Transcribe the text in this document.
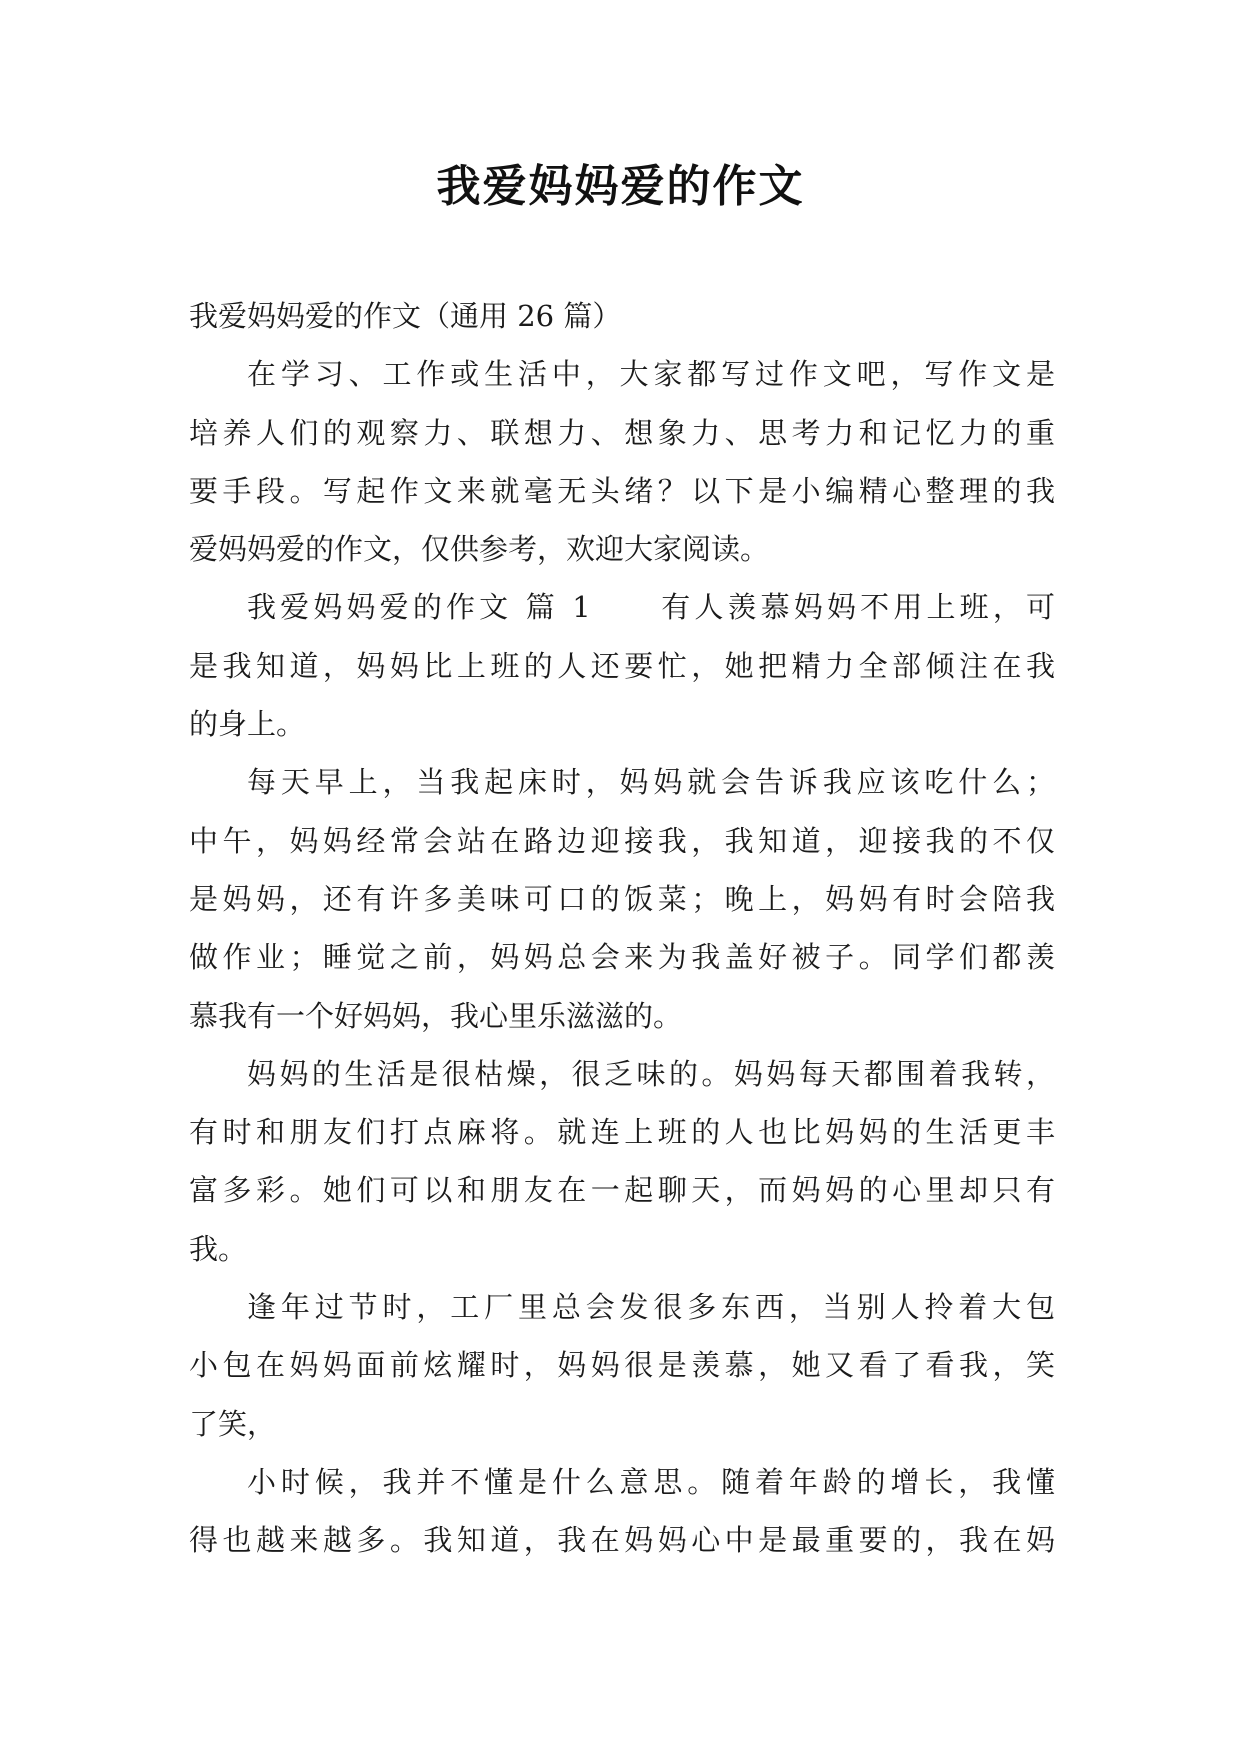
我爱妈妈爱的作文
我爱妈妈爱的作文（通用 26 篇）
在学习、工作或生活中，大家都写过作文吧，写作文是
培养人们的观察力、联想力、想象力、思考力和记忆力的重
要手段。写起作文来就毫无头绪？以下是小编精心整理的我
爱妈妈爱的作文，仅供参考，欢迎大家阅读。
我爱妈妈爱的作文 篇 1　　有人羡慕妈妈不用上班，可
是我知道，妈妈比上班的人还要忙，她把精力全部倾注在我
的身上。
每天早上，当我起床时，妈妈就会告诉我应该吃什么；
中午，妈妈经常会站在路边迎接我，我知道，迎接我的不仅
是妈妈，还有许多美味可口的饭菜；晚上，妈妈有时会陪我
做作业；睡觉之前，妈妈总会来为我盖好被子。同学们都羡
慕我有一个好妈妈，我心里乐滋滋的。
妈妈的生活是很枯燥，很乏味的。妈妈每天都围着我转，
有时和朋友们打点麻将。就连上班的人也比妈妈的生活更丰
富多彩。她们可以和朋友在一起聊天，而妈妈的心里却只有
我。
逢年过节时，工厂里总会发很多东西，当别人拎着大包
小包在妈妈面前炫耀时，妈妈很是羡慕，她又看了看我，笑
了笑，
小时候，我并不懂是什么意思。随着年龄的增长，我懂
得也越来越多。我知道，我在妈妈心中是最重要的，我在妈
